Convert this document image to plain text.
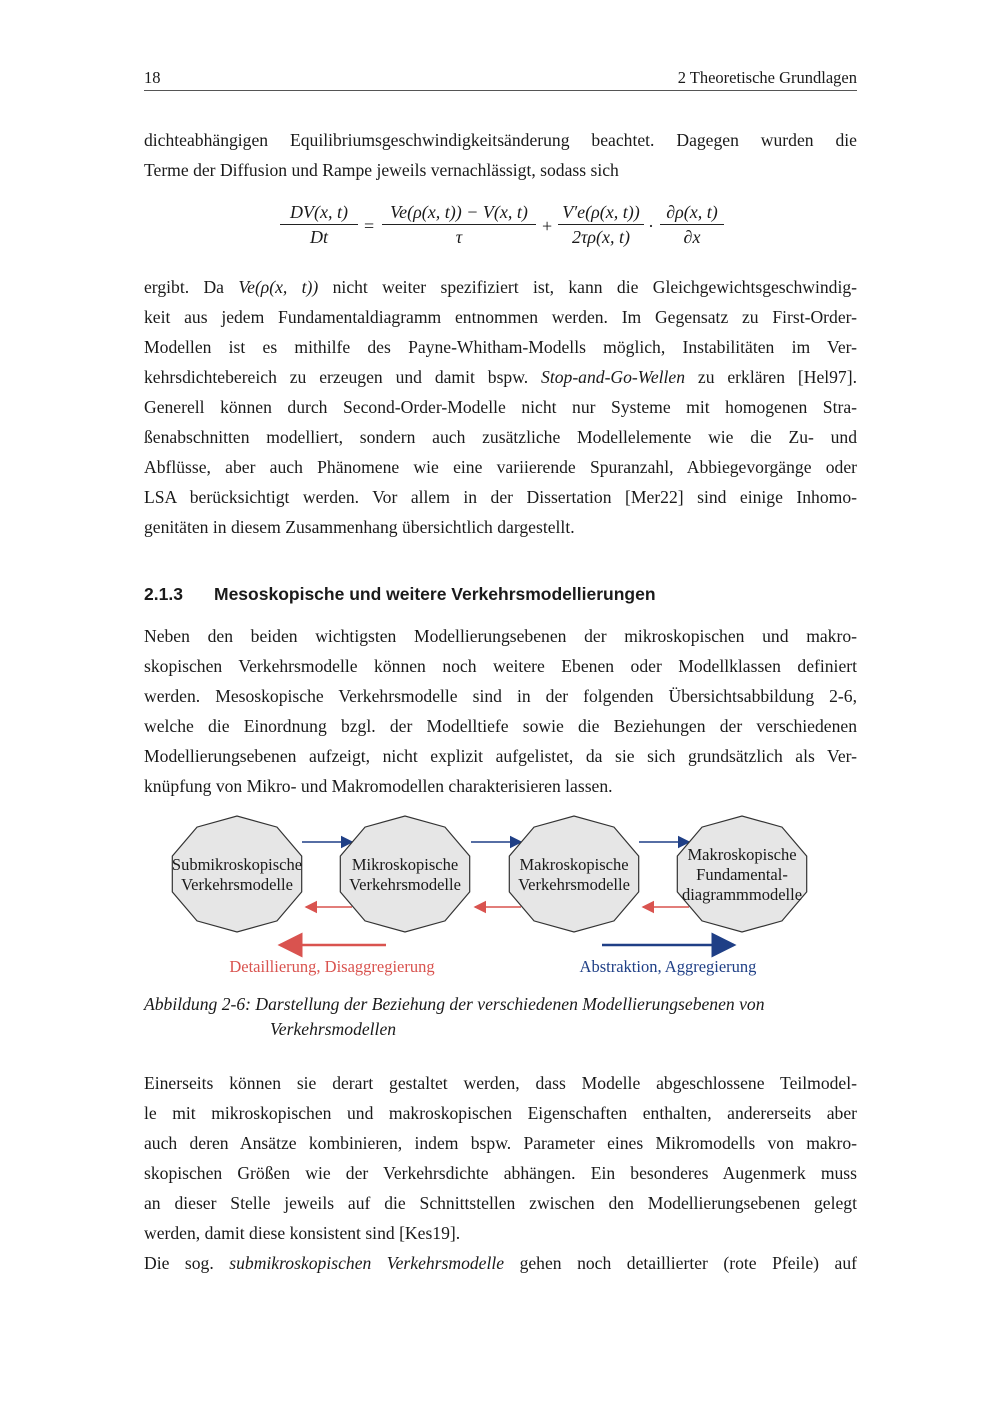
18	2 Theoretische Grundlagen
dichteabhängigen Equilibriumsgeschwindigkeitsänderung beachtet. Dagegen wurden die
Terme der Diffusion und Rampe jeweils vernachlässigt, sodass sich
$\frac{DV(x, t)}{Dt} = \frac{Ve(\rho(x, t)) - V(x, t)}{\tau} + \frac{V'e(\rho(x, t))}{2\tau\rho(x, t)} \cdot \frac{\partial\rho(x, t)}{\partial x}$
ergibt. Da Ve(ρ(x, t)) nicht weiter spezifiziert ist, kann die Gleichgewichtsgeschwindig-
keit aus jedem Fundamentaldiagramm entnommen werden. Im Gegensatz zu First-Order-
Modellen ist es mithilfe des Payne-Whitham-Modells möglich, Instabilitäten im Ver-
kehrsdichtebereich zu erzeugen und damit bspw. Stop-and-Go-Wellen zu erklären [Hel97].
Generell können durch Second-Order-Modelle nicht nur Systeme mit homogenen Stra-
ßenabschnitten modelliert, sondern auch zusätzliche Modellelemente wie die Zu- und
Abflüsse, aber auch Phänomene wie eine variierende Spuranzahl, Abbiegevorgänge oder
LSA berücksichtigt werden. Vor allem in der Dissertation [Mer22] sind einige Inhomo-
genitäten in diesem Zusammenhang übersichtlich dargestellt.
2.1.3 Mesoskopische und weitere Verkehrsmodellierungen
Neben den beiden wichtigsten Modellierungsebenen der mikroskopischen und makro-
skopischen Verkehrsmodelle können noch weitere Ebenen oder Modellklassen definiert
werden. Mesoskopische Verkehrsmodelle sind in der folgenden Übersichtsabbildung 2-6,
welche die Einordnung bzgl. der Modelltiefe sowie die Beziehungen der verschiedenen
Modellierungsebenen aufzeigt, nicht explizit aufgelistet, da sie sich grundsätzlich als Ver-
knüpfung von Mikro- und Makromodellen charakterisieren lassen.
Submikroskopische
Verkehrsmodelle
Mikroskopische
Verkehrsmodelle
Makroskopische
Verkehrsmodelle
Makroskopische
Fundamental-
diagrammmodelle
Detaillierung, Disaggregierung	Abstraktion, Aggregierung
Abbildung 2-6: Darstellung der Beziehung der verschiedenen Modellierungsebenen von
Verkehrsmodellen
Einerseits können sie derart gestaltet werden, dass Modelle abgeschlossene Teilmodel-
le mit mikroskopischen und makroskopischen Eigenschaften enthalten, andererseits aber
auch deren Ansätze kombinieren, indem bspw. Parameter eines Mikromodells von makro-
skopischen Größen wie der Verkehrsdichte abhängen. Ein besonderes Augenmerk muss
an dieser Stelle jeweils auf die Schnittstellen zwischen den Modellierungsebenen gelegt
werden, damit diese konsistent sind [Kes19].
Die sog. submikroskopischen Verkehrsmodelle gehen noch detaillierter (rote Pfeile) auf
